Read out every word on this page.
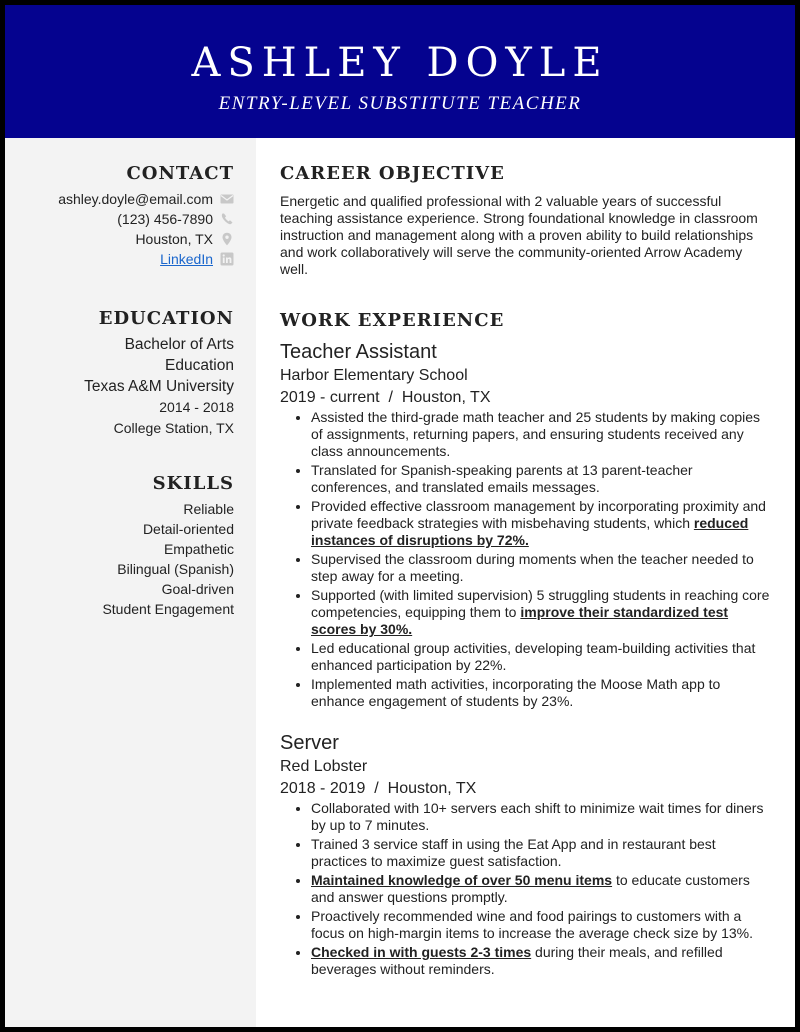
ASHLEY DOYLE
ENTRY-LEVEL SUBSTITUTE TEACHER
CONTACT
ashley.doyle@email.com
(123) 456-7890
Houston, TX
LinkedIn
EDUCATION
Bachelor of Arts
Education
Texas A&M University
2014 - 2018
College Station, TX
SKILLS
Reliable
Detail-oriented
Empathetic
Bilingual (Spanish)
Goal-driven
Student Engagement
CAREER OBJECTIVE

Energetic and qualified professional with 2 valuable years of successful teaching assistance experience. Strong foundational knowledge in classroom instruction and management along with a proven ability to build relationships and work collaboratively will serve the community-oriented Arrow Academy well.

WORK EXPERIENCE
Teacher Assistant
Harbor Elementary School
2019 - current / Houston, TX
• Assisted the third-grade math teacher and 25 students by making copies of assignments, returning papers, and ensuring students received any class announcements.
• Translated for Spanish-speaking parents at 13 parent-teacher conferences, and translated emails messages.
• Provided effective classroom management by incorporating proximity and private feedback strategies with misbehaving students, which reduced instances of disruptions by 72%.
• Supervised the classroom during moments when the teacher needed to step away for a meeting.
• Supported (with limited supervision) 5 struggling students in reaching core competencies, equipping them to improve their standardized test scores by 30%.
• Led educational group activities, developing team-building activities that enhanced participation by 22%.
• Implemented math activities, incorporating the Moose Math app to enhance engagement of students by 23%.
Server
Red Lobster
2018 - 2019 / Houston, TX
• Collaborated with 10+ servers each shift to minimize wait times for diners by up to 7 minutes.
• Trained 3 service staff in using the Eat App and in restaurant best practices to maximize guest satisfaction.
• Maintained knowledge of over 50 menu items to educate customers and answer questions promptly.
• Proactively recommended wine and food pairings to customers with a focus on high-margin items to increase the average check size by 13%.
• Checked in with guests 2-3 times during their meals, and refilled beverages without reminders.
